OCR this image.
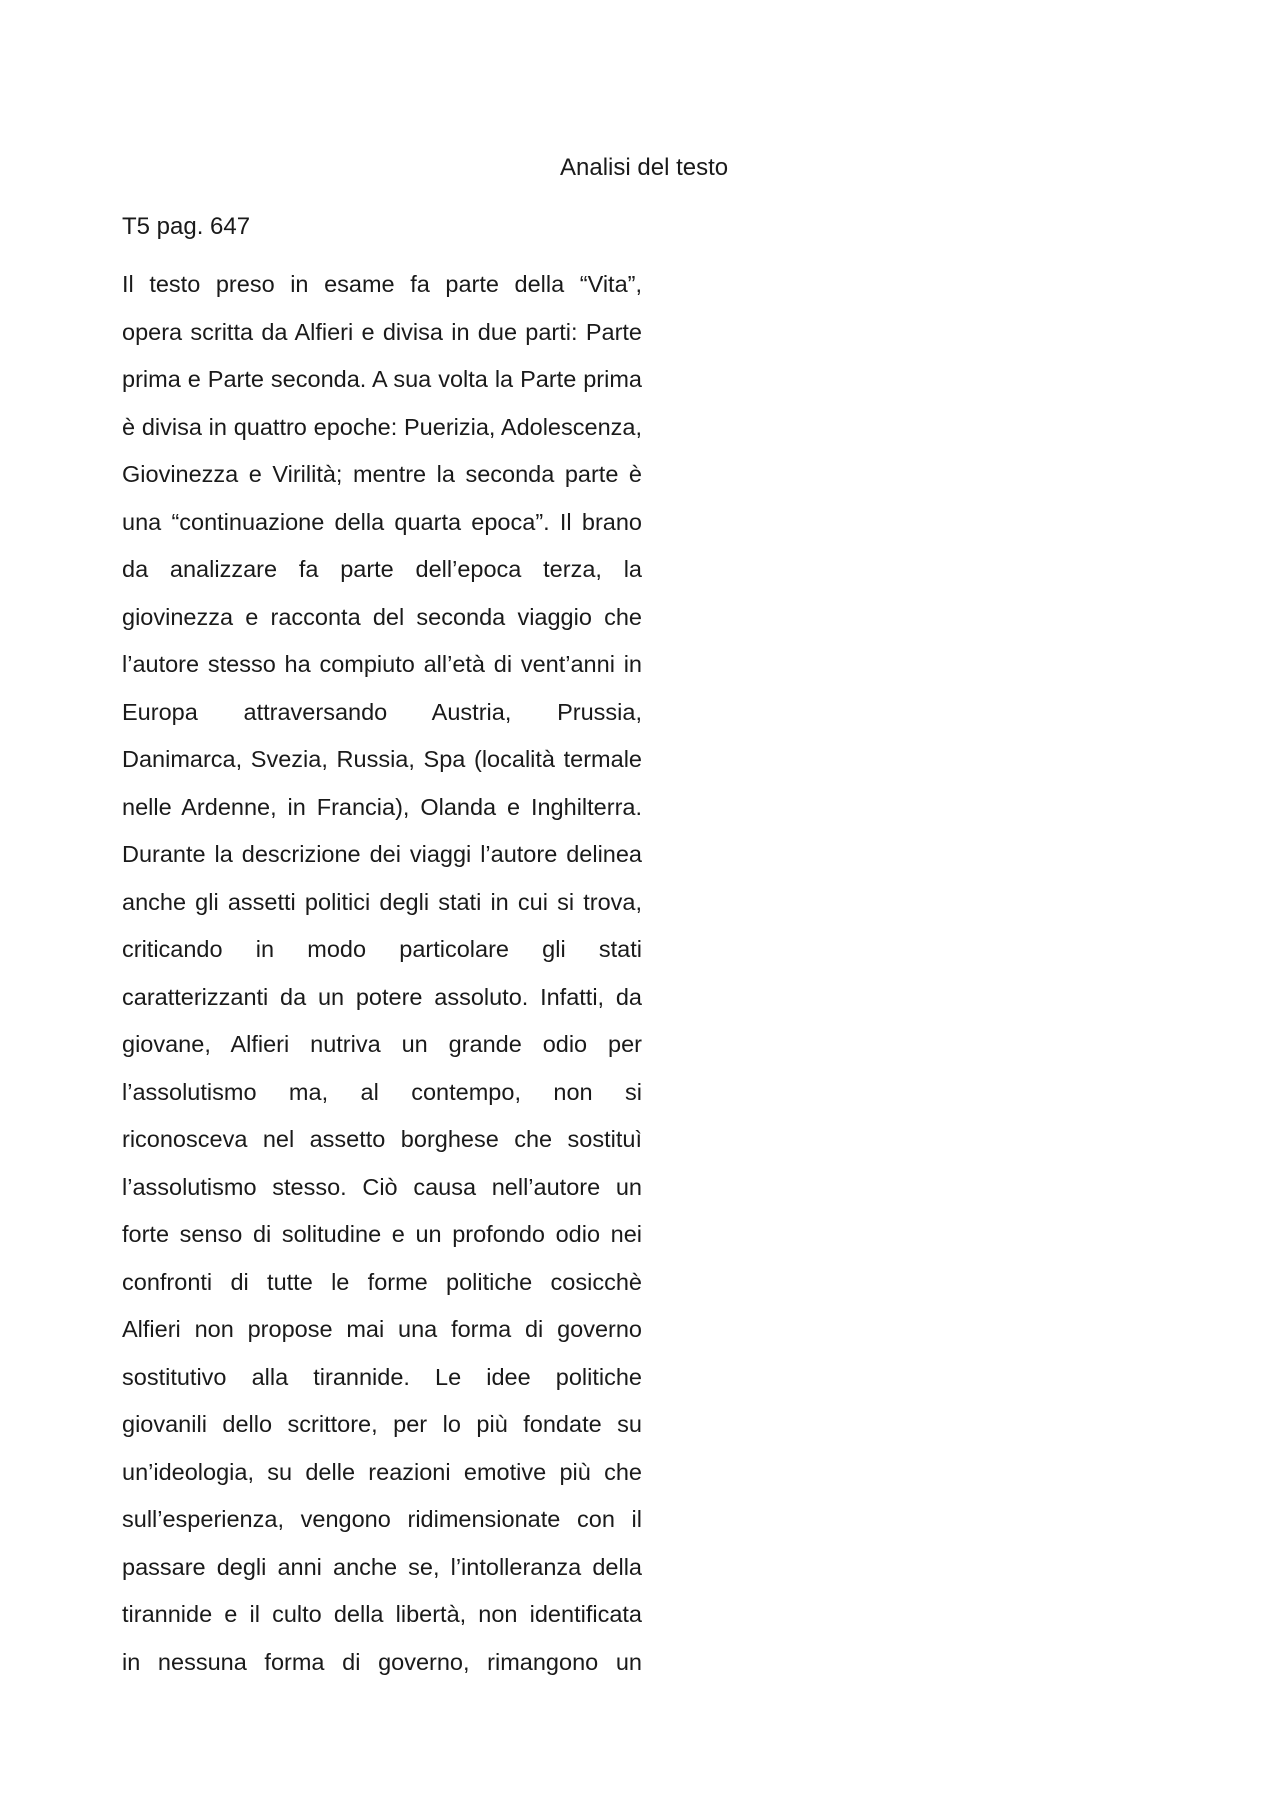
Analisi del testo
T5 pag. 647
Il testo preso in esame fa parte della “Vita”,
opera scritta da Alfieri e divisa in due parti: Parte
prima e Parte seconda. A sua volta la Parte prima
è divisa in quattro epoche: Puerizia, Adolescenza,
Giovinezza e Virilità; mentre la seconda parte è
una “continuazione della quarta epoca”. Il brano
da analizzare fa parte dell’epoca terza, la
giovinezza e racconta del seconda viaggio che
l’autore stesso ha compiuto all’età di vent’anni in
Europa attraversando Austria, Prussia,
Danimarca, Svezia, Russia, Spa (località termale
nelle Ardenne, in Francia), Olanda e Inghilterra.
Durante la descrizione dei viaggi l’autore delinea
anche gli assetti politici degli stati in cui si trova,
criticando in modo particolare gli stati
caratterizzanti da un potere assoluto. Infatti, da
giovane, Alfieri nutriva un grande odio per
l’assolutismo ma, al contempo, non si
riconosceva nel assetto borghese che sostituì
l’assolutismo stesso. Ciò causa nell’autore un
forte senso di solitudine e un profondo odio nei
confronti di tutte le forme politiche cosicchè
Alfieri non propose mai una forma di governo
sostitutivo alla tirannide. Le idee politiche
giovanili dello scrittore, per lo più fondate su
un’ideologia, su delle reazioni emotive più che
sull’esperienza, vengono ridimensionate con il
passare degli anni anche se, l’intolleranza della
tirannide e il culto della libertà, non identificata
in nessuna forma di governo, rimangono un
